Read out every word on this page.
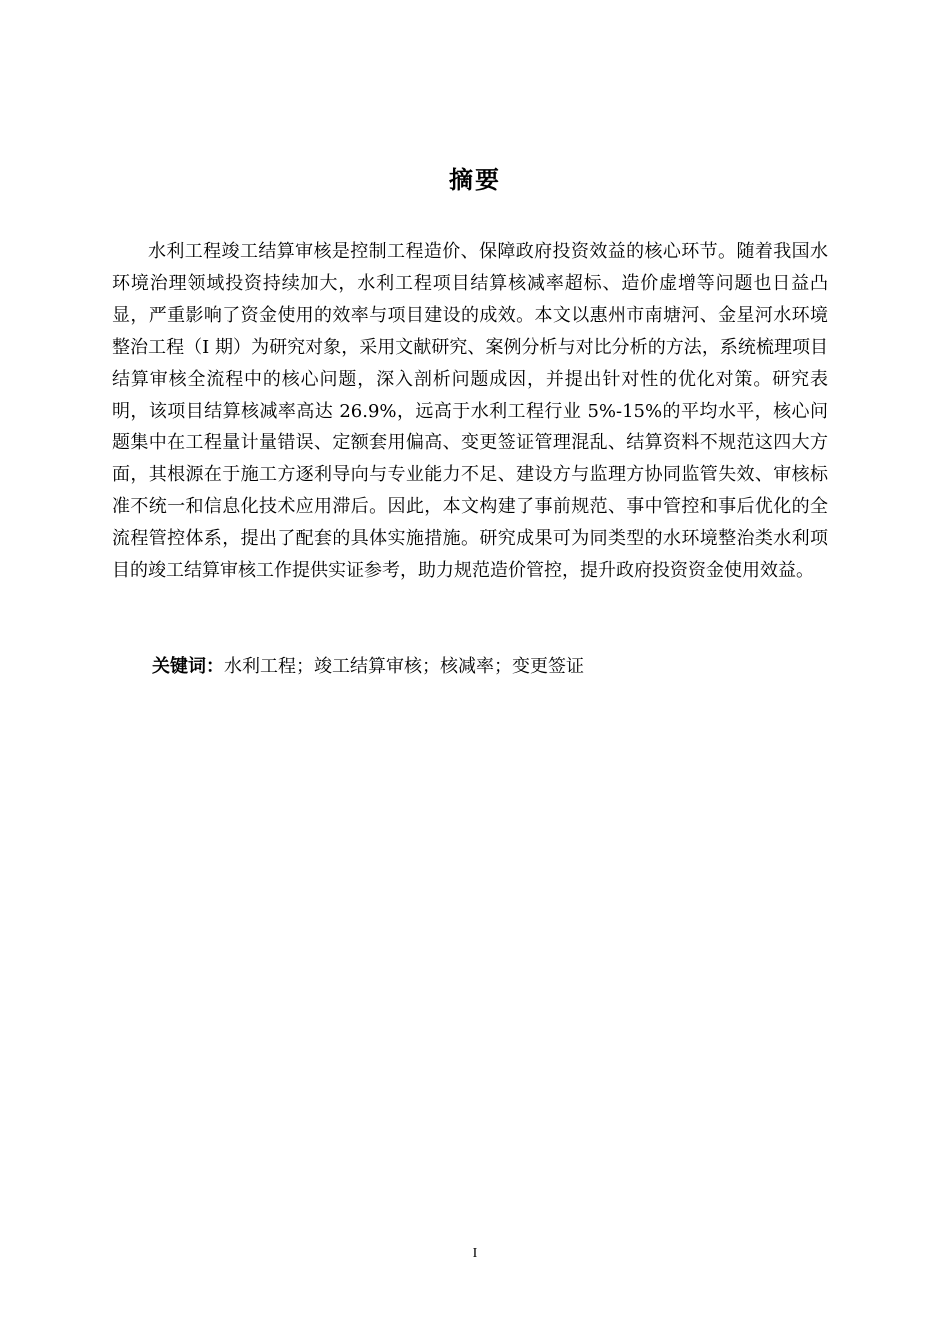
摘要

水利工程竣工结算审核是控制工程造价、保障政府投资效益的核心环节。随着我国水环境治理领域投资持续加大，水利工程项目结算核减率超标、造价虚增等问题也日益凸显，严重影响了资金使用的效率与项目建设的成效。本文以惠州市南塘河、金星河水环境整治工程（I 期）为研究对象，采用文献研究、案例分析与对比分析的方法，系统梳理项目结算审核全流程中的核心问题，深入剖析问题成因，并提出针对性的优化对策。研究表明，该项目结算核减率高达 26.9%，远高于水利工程行业 5%-15%的平均水平，核心问题集中在工程量计量错误、定额套用偏高、变更签证管理混乱、结算资料不规范这四大方面，其根源在于施工方逐利导向与专业能力不足、建设方与监理方协同监管失效、审核标准不统一和信息化技术应用滞后。因此，本文构建了事前规范、事中管控和事后优化的全流程管控体系，提出了配套的具体实施措施。研究成果可为同类型的水环境整治类水利项目的竣工结算审核工作提供实证参考，助力规范造价管控，提升政府投资资金使用效益。

关键词：水利工程；竣工结算审核；核减率；变更签证
I
